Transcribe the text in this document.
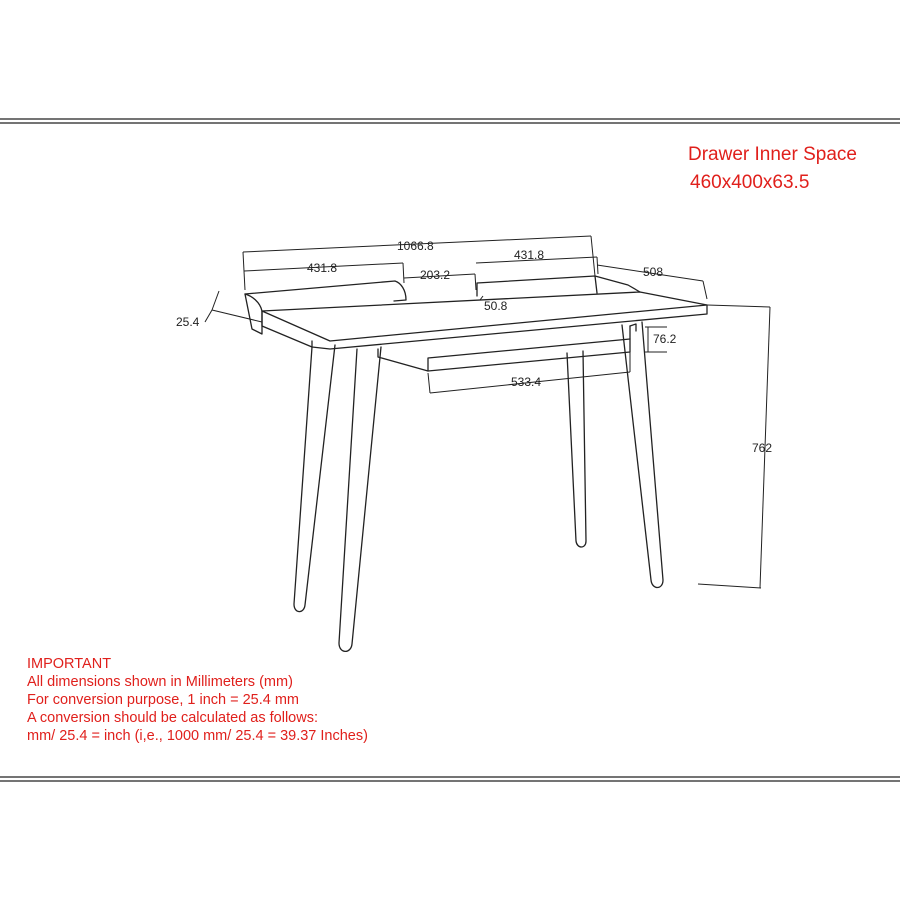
1066.8
431.8	203.2
431.8
508
50.8
25.4
76.2
533.4
762
Drawer Inner Space
460x400x63.5
IMPORTANT
All dimensions shown in Millimeters (mm)
For conversion purpose, 1 inch = 25.4 mm
A conversion should be calculated as follows:
mm/ 25.4 = inch (i,e., 1000 mm/ 25.4 = 39.37 Inches)
